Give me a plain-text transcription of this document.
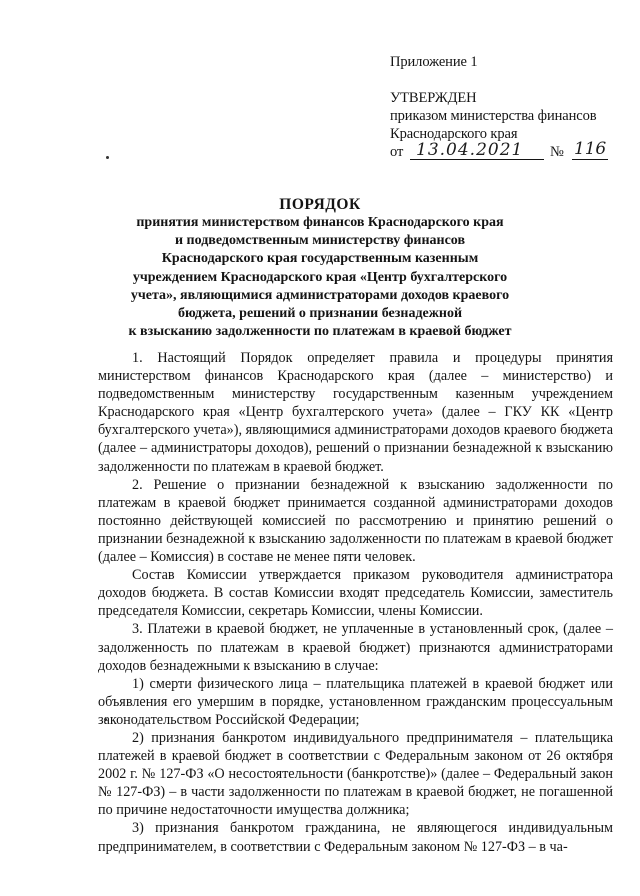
Приложение 1
УТВЕРЖДЕН
приказом министерства финансов
Краснодарского края
от 13.04.2021	№ 116
ПОРЯДОК
принятия министерством финансов Краснодарского края
и подведомственным министерству финансов
Краснодарского края государственным казенным
учреждением Краснодарского края «Центр бухгалтерского
учета», являющимися администраторами доходов краевого
бюджета, решений о признании безнадежной
к взысканию задолженности по платежам в краевой бюджет

1. Настоящий Порядок определяет правила и процедуры принятия министерством финансов Краснодарского края (далее – министерство) и подведомственным министерству государственным казенным учреждением Краснодарского края «Центр бухгалтерского учета» (далее – ГКУ КК «Центр бухгалтерского учета»), являющимися администраторами доходов краевого бюджета (далее – администраторы доходов), решений о признании безнадежной к взысканию задолженности по платежам в краевой бюджет.

2. Решение о признании безнадежной к взысканию задолженности по платежам в краевой бюджет принимается созданной администраторами доходов постоянно действующей комиссией по рассмотрению и принятию решений о признании безнадежной к взысканию задолженности по платежам в краевой бюджет (далее – Комиссия) в составе не менее пяти человек.

Состав Комиссии утверждается приказом руководителя администратора доходов бюджета. В состав Комиссии входят председатель Комиссии, заместитель председателя Комиссии, секретарь Комиссии, члены Комиссии.

3. Платежи в краевой бюджет, не уплаченные в установленный срок, (далее – задолженность по платежам в краевой бюджет) признаются администраторами доходов безнадежными к взысканию в случае:

1) смерти физического лица – плательщика платежей в краевой бюджет или объявления его умершим в порядке, установленном гражданским процессуальным законодательством Российской Федерации;

2) признания банкротом индивидуального предпринимателя – плательщика платежей в краевой бюджет в соответствии с Федеральным законом от 26 октября 2002 г. № 127-ФЗ «О несостоятельности (банкротстве)» (далее – Федеральный закон № 127-ФЗ) – в части задолженности по платежам в краевой бюджет, не погашенной по причине недостаточности имущества должника;

3) признания банкротом гражданина, не являющегося индивидуальным предпринимателем, в соответствии с Федеральным законом № 127-ФЗ – в ча-
